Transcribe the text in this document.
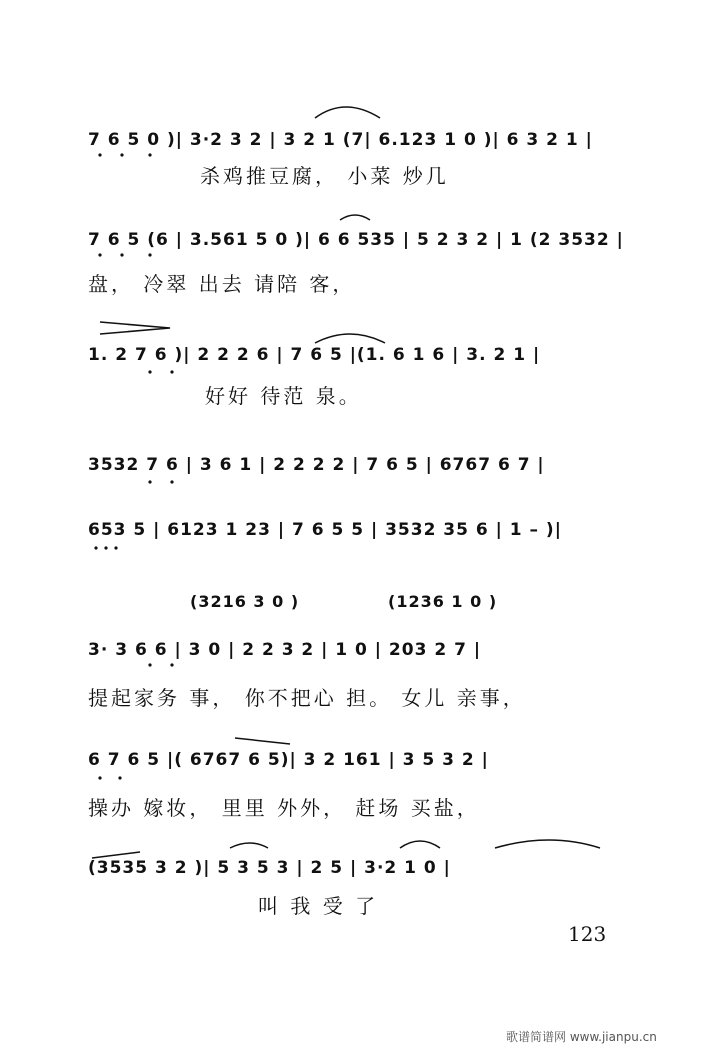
7 6 5 0 )| 3·2 3 2 | 3 2 1 (7| 6.123 1 0 )| 6 3 2 1 |
杀鸡推豆腐， 小菜 炒几
7 6 5 (6 | 3.561 5 0 )| 6 6 535 | 5 2 3 2 | 1 (2 3532 |
盘， 冷翠 出去 请陪 客，
1. 2 7 6 )| 2 2 2 6 | 7 6 5 |(1. 6 1 6 | 3. 2 1 |
好好 待范 泉。
3532 7 6 | 3 6 1 | 2 2 2 2 | 7 6 5 | 6767 6 7 |
653 5 | 6123 1 23 | 7 6 5 5 | 3532 35 6 | 1 – )|
(3216 3 0 )	(1236 1 0 )
3· 3 6 6 | 3 0 | 2 2 3 2 | 1 0 | 203 2 7 |
提起家务 事， 你不把心 担。 女儿 亲事，
6 7 6 5 |( 6767 6 5)| 3 2 161 | 3 5 3 2 |
操办 嫁妆， 里里 外外， 赶场 买盐，
(3535 3 2 )| 5 3 5 3 | 2 5 | 3·2 1 0 |
叫 我 受 了
123
歌谱简谱网 www.jianpu.cn
